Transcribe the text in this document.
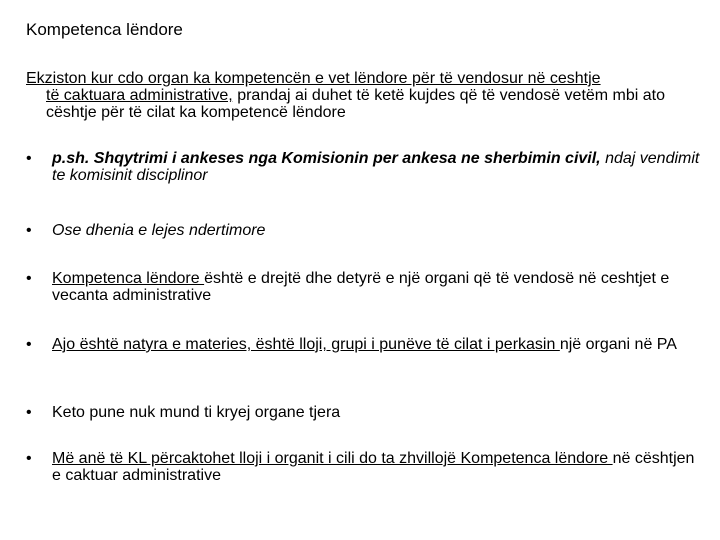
Kompetenca lëndore
Ekziston kur cdo organ ka kompetencën e vet lëndore për të vendosur në ceshtje
të caktuara administrative, prandaj ai duhet të ketë kujdes që të vendosë vetëm mbi ato cështje për të cilat ka kompetencë lëndore
• p.sh. Shqytrimi i ankeses nga Komisionin per ankesa ne sherbimin civil, ndaj vendimit te komisinit disciplinor
• Ose dhenia e lejes ndertimore
• Kompetenca lëndore është e drejtë dhe detyrë e një organi që të vendosë në ceshtjet e vecanta administrative
• Ajo është natyra e materies, është lloji, grupi i punëve të cilat i perkasin një organi në PA
• Keto pune nuk mund ti kryej organe tjera
• Më anë të KL përcaktohet lloji i organit i cili do ta zhvillojë Kompetenca lëndore në cështjen e caktuar administrative
